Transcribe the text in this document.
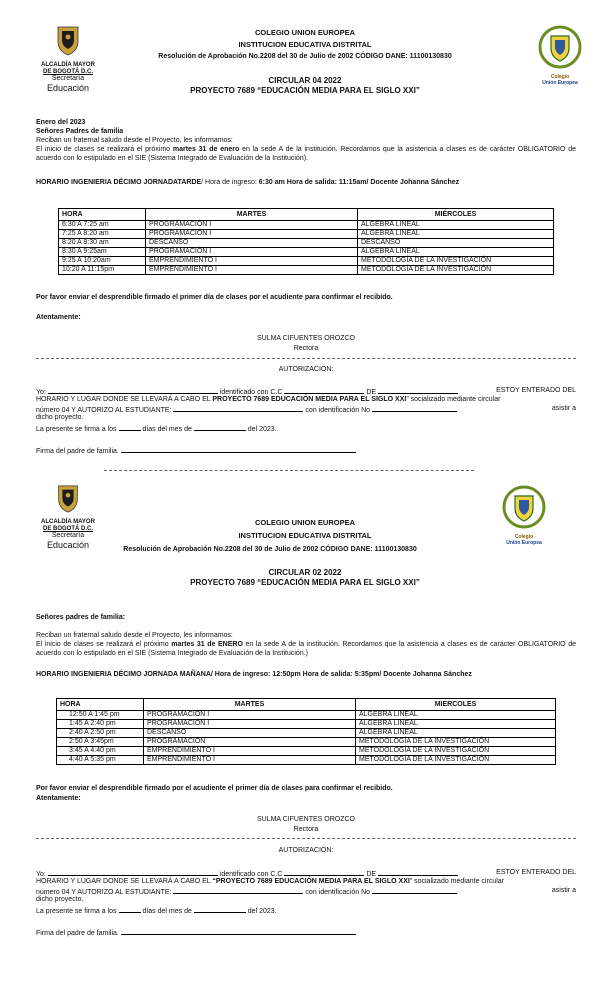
ALCALDÍA MAYOR
DE BOGOTÁ D.C.
Secretaría
Educación
COLEGIO UNION EUROPEA
INSTITUCION EDUCATIVA DISTRITAL
Resolución de Aprobación No.2208 del 30 de Julio de 2002 CÓDIGO DANE: 11100130830
Colegio
Unión Europea
CIRCULAR 04 2022
PROYECTO 7689 “EDUCACIÓN MEDIA PARA EL SIGLO XXI”
Enero del 2023
Señores Padres de familia
Reciban un fraternal saludo desde el Proyecto, les informamos:
El inicio de clases se realizará el próximo martes 31 de enero en la sede A de la institución. Recordamos que la asistencia a clases es de carácter OBLIGATORIO de acuerdo con lo estipulado en el SIE (Sistema Integrado de Evaluación de la Institución).
HORARIO INGENIERIA DÉCIMO JORNADATARDE/ Hora de ingreso: 6:30 am Hora de salida: 11:15am/ Docente Johanna Sánchez
HORA	MARTES	MIÉRCOLES
6:30 A 7:25 am	PROGRAMACIÓN I	ALGEBRA LINEAL
7:25 A 8:20 am	PROGRAMACIÓN I	ALGEBRA LINEAL
8:20 A 8:30 am	DESCANSO	DESCANSO
8:30 A 9:25am	PROGRAMACIÓN I	ALGEBRA LINEAL
9:25 A 10:20am	EMPRENDIMIENTO I	METODOLOGÍA DE LA INVESTIGACIÓN
10:20 A 11:15pm	EMPRENDIMIENTO I	METODOLOGÍA DE LA INVESTIGACIÓN
Por favor enviar el desprendible firmado el primer día de clases por el acudiente para confirmar el recibido.
Atentamente:
SULMA CIFUENTES OROZCO
Rectora
AUTORIZACIÓN:
Yo:	identificado con C.C	DE	ESTOY ENTERADO DEL
HORARIO Y LUGAR DONDE SE LLEVARÁ A CABO EL PROYECTO 7689 EDUCACIÓN MEDIA PARA EL SIGLO XXI” socializado mediante circular
número 04 Y AUTORIZO AL ESTUDIANTE:	con identificación No	asistir a
dicho proyecto.
La presente se firma a los	días del mes de	del 2023.
Firma del padre de familia.
ALCALDÍA MAYOR
DE BOGOTÁ D.C.
Secretaría
Educación
Colegio
Unión Europea
COLEGIO UNION EUROPEA
INSTITUCION EDUCATIVA DISTRITAL
Resolución de Aprobación No.2208 del 30 de Julio de 2002 CÓDIGO DANE: 11100130830
CIRCULAR 02 2022
PROYECTO 7689 “EDUCACIÓN MEDIA PARA EL SIGLO XXI”
Señores padres de familia:
Reciban un fraternal saludo desde el Proyecto, les informamos:
El inicio de clases se realizará el próximo martes 31 de ENERO en la sede A de la institución. Recordamos que la asistencia a clases es de carácter OBLIGATORIO de acuerdo con lo estipulado en el SIE (Sistema Integrado de Evaluación de la Institución.)
HORARIO INGENIERIA DÉCIMO JORNADA MAÑANA/ Hora de ingreso: 12:50pm Hora de salida: 5:35pm/ Docente Johanna Sánchez
HORA	MARTES	MIERCOLES
12:50 A 1:45 pm	PROGRAMACIÓN I	ALGEBRA LINEAL
1:45 A 2:40 pm	PROGRAMACIÓN I	ALGEBRA LINEAL
2:40 A 2:50 pm	DESCANSO	ALGEBRA LINEAL
2:50 A 3:45pm	PROGRAMACION	METODOLOGÍA DE LA INVESTIGACIÓN
3:45 A 4:40 pm	EMPRENDIMIENTO I	METODOLOGÍA DE LA INVESTIGACIÓN
4:40 A 5:35 pm	EMPRENDIMIENTO I	METODOLOGÍA DE LA INVESTIGACIÓN
Por favor enviar el desprendible firmado por el acudiente el primer día de clases para confirmar el recibido.
Atentamente:
SULMA CIFUENTES OROZCO
Rectora
AUTORIZACIÓN:
Yo:	identificado con C.C	DE	ESTOY ENTERADO DEL
HORARIO Y LUGAR DONDE SE LLEVARÁ A CABO EL “PROYECTO 7689 EDUCACIÓN MEDIA PARA EL SIGLO XXI” socializado mediante circular
número 04 Y AUTORIZO AL ESTUDIANTE:	con identificación No	asistir a
dicho proyecto.
La presente se firma a los	días del mes de	del 2023.
Firma del padre de familia.
